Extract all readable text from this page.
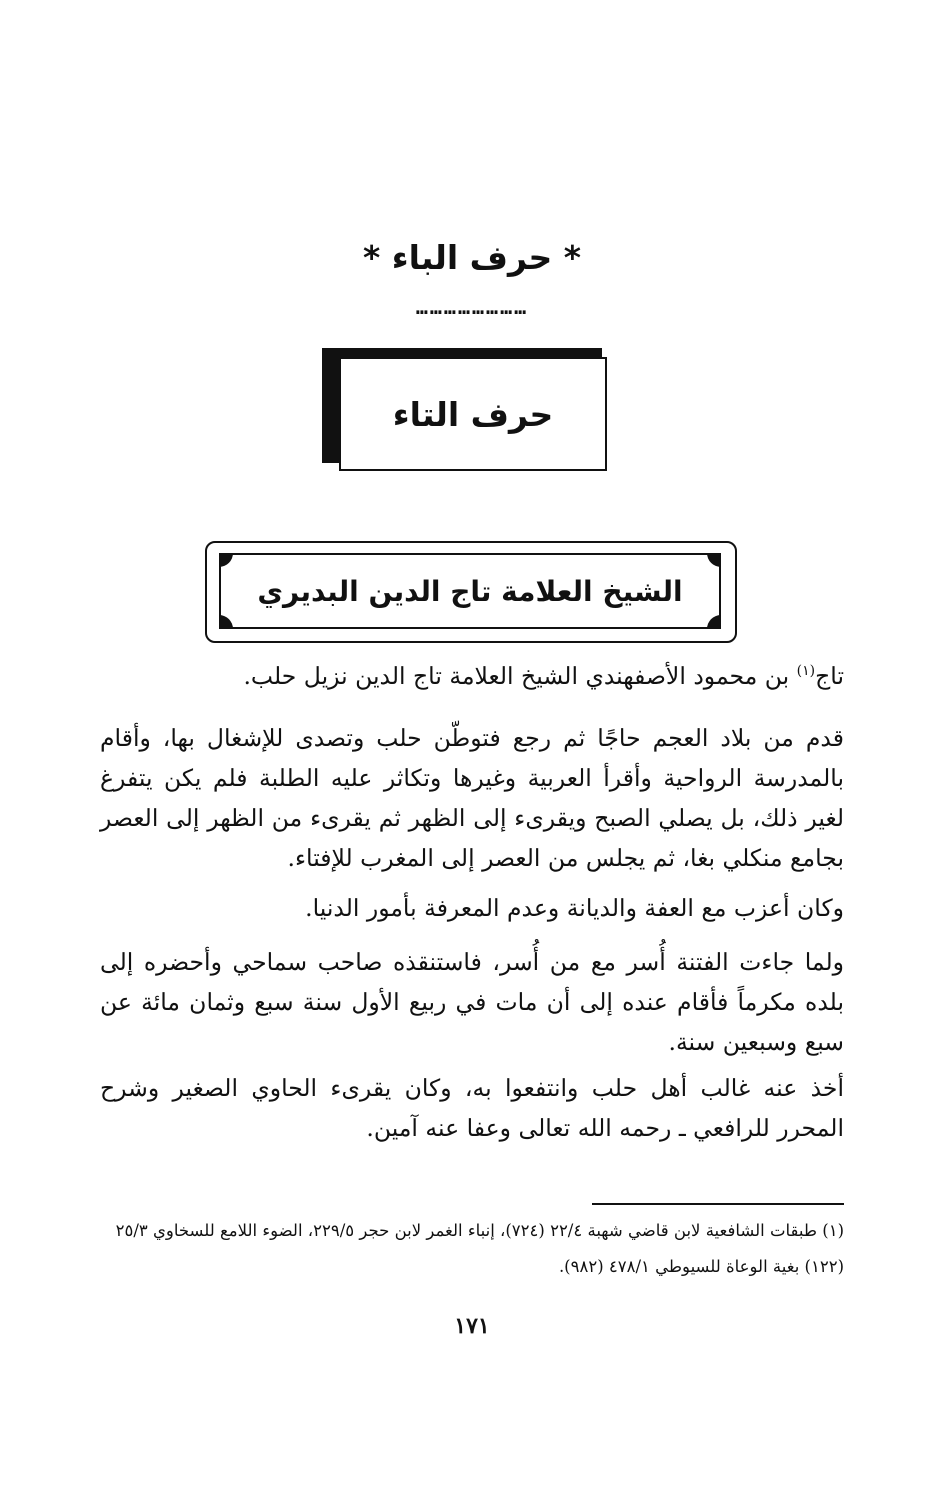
* حرف الباء *
……………………
حرف التاء
الشيخ العلامة تاج الدين البديري
تاج$^{(١)}$ بن محمود الأصفهندي الشيخ العلامة تاج الدين نزيل حلب.
قدم من بلاد العجم حاجًا ثم رجع فتوطّن حلب وتصدى للإشغال بها، وأقام بالمدرسة الرواحية وأقرأ العربية وغيرها وتكاثر عليه الطلبة فلم يكن يتفرغ لغير ذلك، بل يصلي الصبح ويقرىء إلى الظهر ثم يقرىء من الظهر إلى العصر بجامع منكلي بغا، ثم يجلس من العصر إلى المغرب للإفتاء.
وكان أعزب مع العفة والديانة وعدم المعرفة بأمور الدنيا.
ولما جاءت الفتنة أُسر مع من أُسر، فاستنقذه صاحب سماحي وأحضره إلى بلده مكرماً فأقام عنده إلى أن مات في ربيع الأول سنة سبع وثمان مائة عن سبع وسبعين سنة.
أخذ عنه غالب أهل حلب وانتفعوا به، وكان يقرىء الحاوي الصغير وشرح المحرر للرافعي ـ رحمه الله تعالى وعفا عنه آمين.
(١) طبقات الشافعية لابن قاضي شهبة ٢٢/٤ (٧٢٤)، إنباء الغمر لابن حجر ٢٢٩/٥، الضوء اللامع للسخاوي ٢٥/٣ (١٢٢) بغية الوعاة للسيوطي ٤٧٨/١ (٩٨٢).
١٧١
